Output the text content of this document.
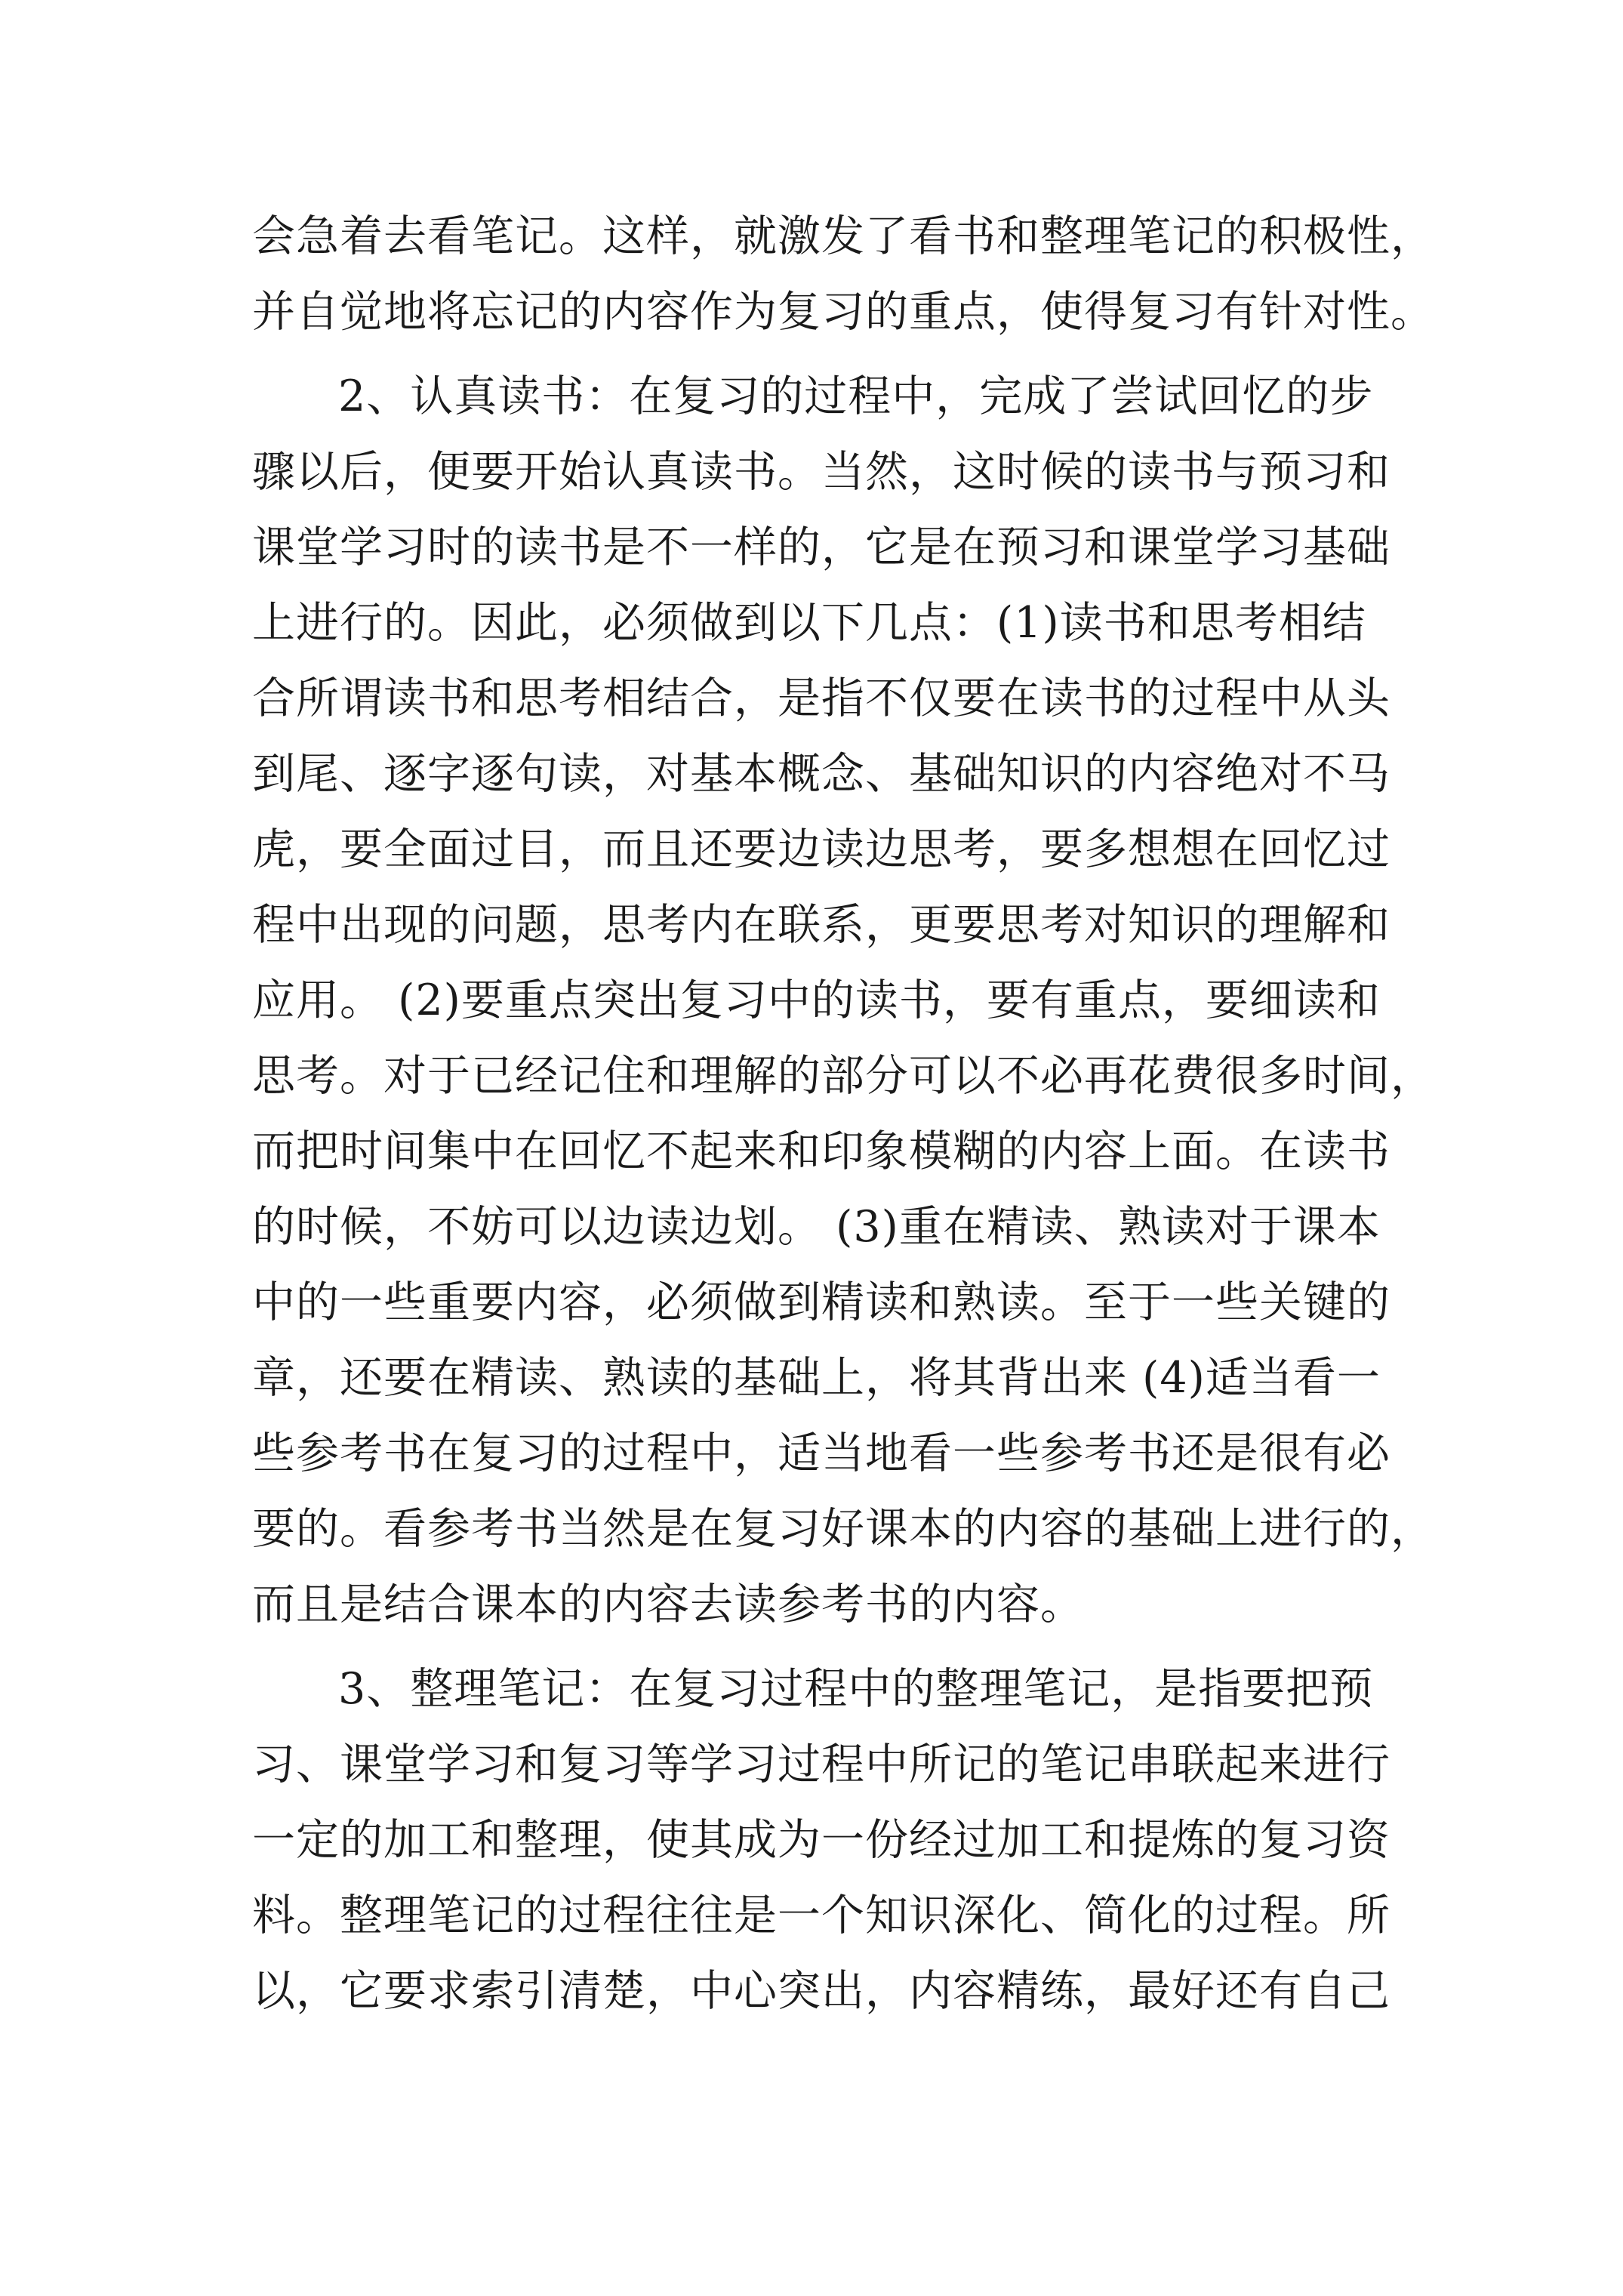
会急着去看笔记。这样，就激发了看书和整理笔记的积极性，
并自觉地将忘记的内容作为复习的重点，使得复习有针对性。
2、认真读书：在复习的过程中，完成了尝试回忆的步
骤以后，便要开始认真读书。当然，这时候的读书与预习和
课堂学习时的读书是不一样的，它是在预习和课堂学习基础
上进行的。因此，必须做到以下几点：(1)读书和思考相结
合所谓读书和思考相结合，是指不仅要在读书的过程中从头
到尾、逐字逐句读，对基本概念、基础知识的内容绝对不马
虎，要全面过目，而且还要边读边思考，要多想想在回忆过
程中出现的问题，思考内在联系，更要思考对知识的理解和
应用。 (2)要重点突出复习中的读书，要有重点，要细读和
思考。对于已经记住和理解的部分可以不必再花费很多时间，
而把时间集中在回忆不起来和印象模糊的内容上面。在读书
的时候，不妨可以边读边划。 (3)重在精读、熟读对于课本
中的一些重要内容，必须做到精读和熟读。至于一些关键的
章，还要在精读、熟读的基础上，将其背出来 (4)适当看一
些参考书在复习的过程中，适当地看一些参考书还是很有必
要的。看参考书当然是在复习好课本的内容的基础上进行的，
而且是结合课本的内容去读参考书的内容。
3、整理笔记：在复习过程中的整理笔记，是指要把预
习、课堂学习和复习等学习过程中所记的笔记串联起来进行
一定的加工和整理，使其成为一份经过加工和提炼的复习资
料。整理笔记的过程往往是一个知识深化、简化的过程。所
以，它要求索引清楚，中心突出，内容精练，最好还有自己
